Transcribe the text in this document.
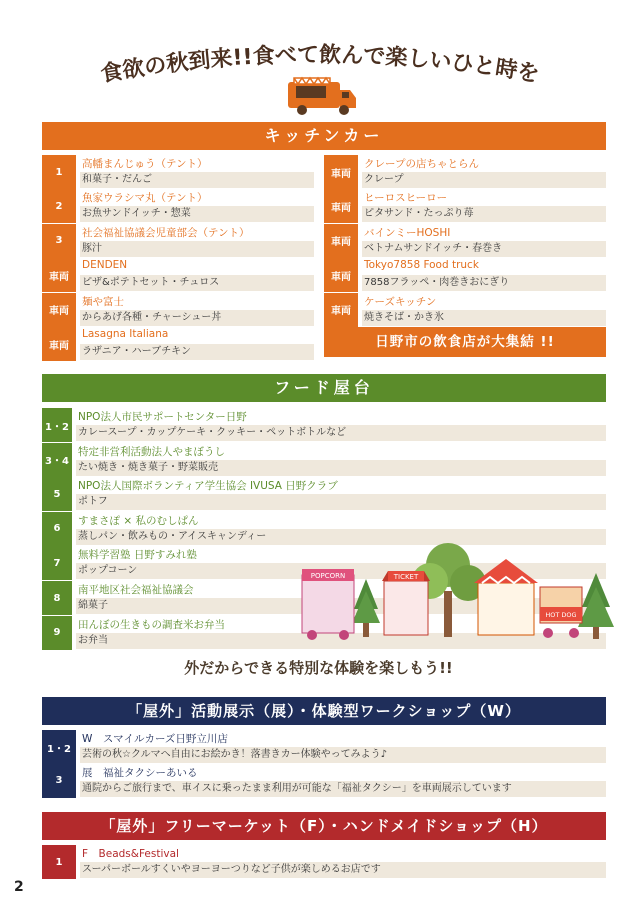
食欲の秋到来!!食べて飲んで楽しいひと時を
キッチンカー
1
高幡まんじゅう（テント）
和菓子・だんご
2
魚家ウラシマ丸（テント）
お魚サンドイッチ・惣菜
3
社会福祉協議会児童部会（テント）
豚汁
車両
DENDEN
ピザ&ポテトセット・チュロス
車両
麺や富士
からあげ各種・チャーシュー丼
車両
Lasagna Italiana
ラザニア・ハーブチキン
車両
クレープの店ちゃとらん
クレープ
車両
ヒーロスヒーロー
ピタサンド・たっぷり苺
車両
バインミーHOSHI
ベトナムサンドイッチ・春巻き
車両
Tokyo7858 Food truck
7858フラッペ・肉巻きおにぎり
車両
ケーズキッチン
焼きそば・かき氷
日野市の飲食店が大集結 !!
フード屋台
1・2
NPO法人市民サポートセンター日野
カレースープ・カップケーキ・クッキー・ペットボトルなど
3・4
特定非営利活動法人やまぼうし
たい焼き・焼き菓子・野菜販売
5
NPO法人国際ボランティア学生協会 IVUSA 日野クラブ
ポトフ
6
すまさぽ × 私のむしぱん
蒸しパン・飲みもの・アイスキャンディー
7
無料学習塾 日野すみれ塾
ポップコーン
8
南平地区社会福祉協議会
綿菓子
9
田んぼの生きもの調査米お弁当
お弁当
POPCORN	TICKET
HOT DOG
外だからできる特別な体験を楽しもう!!
「屋外」活動展示（展）・体験型ワークショップ（W）
1・2
W　スマイルカーズ日野立川店
芸術の秋☆クルマへ自由にお絵かき！落書きカー体験やってみよう♪
3
展　福祉タクシーあいる
通院からご旅行まで、車イスに乗ったまま利用が可能な「福祉タクシー」を車両展示しています
「屋外」フリーマーケット（F）・ハンドメイドショップ（H）
1
F　Beads&Festival
スーパーボールすくいやヨーヨーつりなど子供が楽しめるお店です
2
